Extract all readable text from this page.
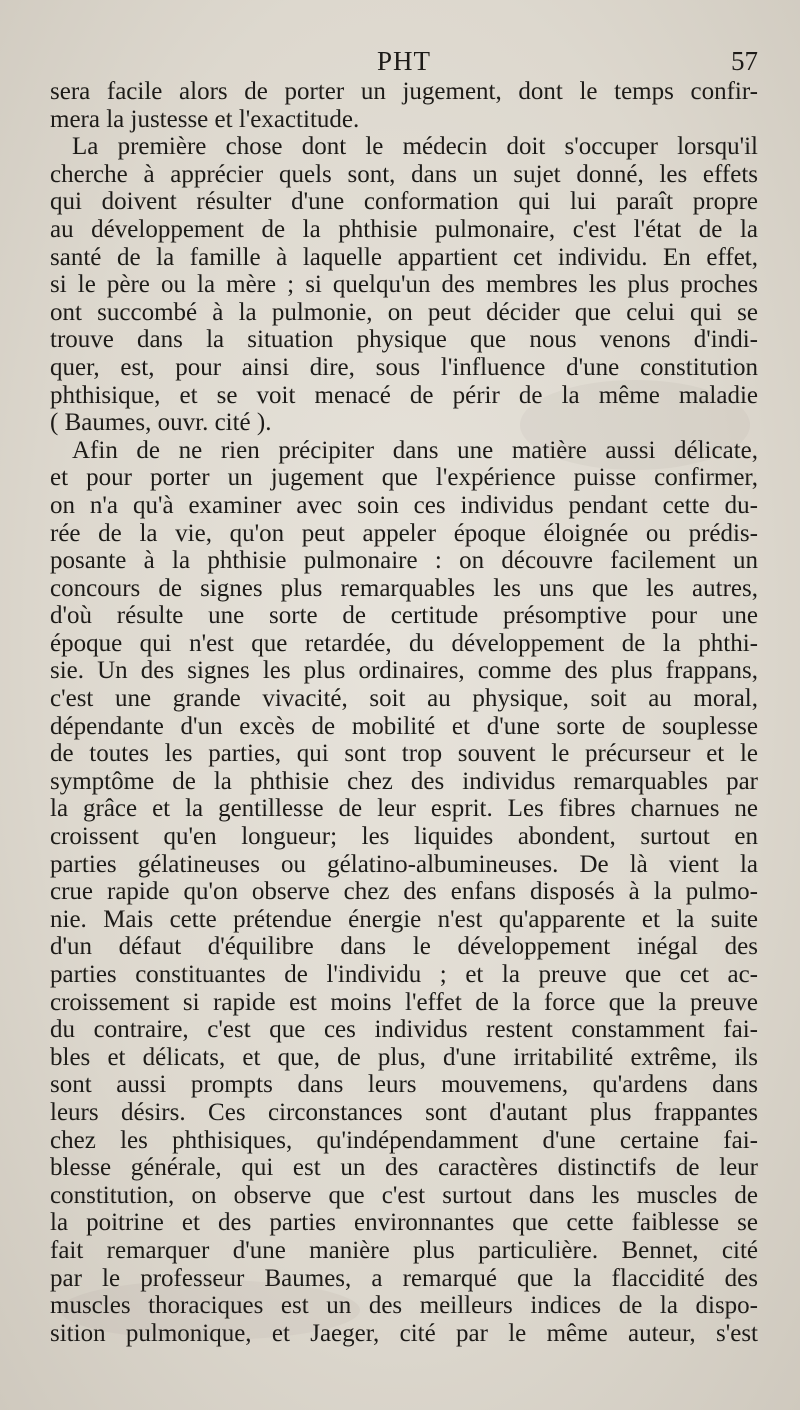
PHT	57
sera facile alors de porter un jugement, dont le temps confir-
mera la justesse et l'exactitude.
La première chose dont le médecin doit s'occuper lorsqu'il
cherche à apprécier quels sont, dans un sujet donné, les effets
qui doivent résulter d'une conformation qui lui paraît propre
au développement de la phthisie pulmonaire, c'est l'état de la
santé de la famille à laquelle appartient cet individu. En effet,
si le père ou la mère ; si quelqu'un des membres les plus proches
ont succombé à la pulmonie, on peut décider que celui qui se
trouve dans la situation physique que nous venons d'indi-
quer, est, pour ainsi dire, sous l'influence d'une constitution
phthisique, et se voit menacé de périr de la même maladie
( Baumes, ouvr. cité ).
Afin de ne rien précipiter dans une matière aussi délicate,
et pour porter un jugement que l'expérience puisse confirmer,
on n'a qu'à examiner avec soin ces individus pendant cette du-
rée de la vie, qu'on peut appeler époque éloignée ou prédis-
posante à la phthisie pulmonaire : on découvre facilement un
concours de signes plus remarquables les uns que les autres,
d'où résulte une sorte de certitude présomptive pour une
époque qui n'est que retardée, du développement de la phthi-
sie. Un des signes les plus ordinaires, comme des plus frappans,
c'est une grande vivacité, soit au physique, soit au moral,
dépendante d'un excès de mobilité et d'une sorte de souplesse
de toutes les parties, qui sont trop souvent le précurseur et le
symptôme de la phthisie chez des individus remarquables par
la grâce et la gentillesse de leur esprit. Les fibres charnues ne
croissent qu'en longueur; les liquides abondent, surtout en
parties gélatineuses ou gélatino-albumineuses. De là vient la
crue rapide qu'on observe chez des enfans disposés à la pulmo-
nie. Mais cette prétendue énergie n'est qu'apparente et la suite
d'un défaut d'équilibre dans le développement inégal des
parties constituantes de l'individu ; et la preuve que cet ac-
croissement si rapide est moins l'effet de la force que la preuve
du contraire, c'est que ces individus restent constamment fai-
bles et délicats, et que, de plus, d'une irritabilité extrême, ils
sont aussi prompts dans leurs mouvemens, qu'ardens dans
leurs désirs. Ces circonstances sont d'autant plus frappantes
chez les phthisiques, qu'indépendamment d'une certaine fai-
blesse générale, qui est un des caractères distinctifs de leur
constitution, on observe que c'est surtout dans les muscles de
la poitrine et des parties environnantes que cette faiblesse se
fait remarquer d'une manière plus particulière. Bennet, cité
par le professeur Baumes, a remarqué que la flaccidité des
muscles thoraciques est un des meilleurs indices de la dispo-
sition pulmonique, et Jaeger, cité par le même auteur, s'est
